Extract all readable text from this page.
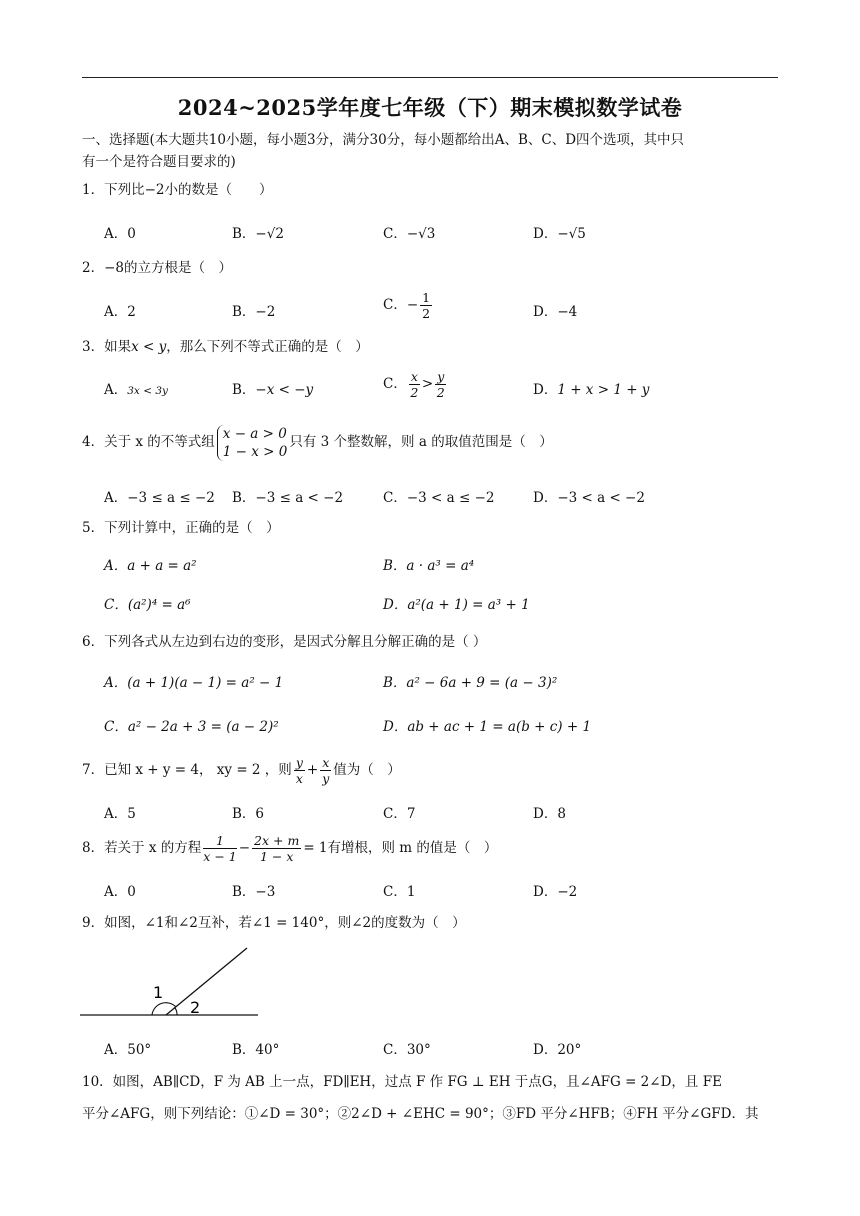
2024~2025学年度七年级（下）期末模拟数学试卷
一、选择题(本大题共10小题，每小题3分，满分30分，每小题都给出A、B、C、D四个选项，其中只
有一个是符合题目要求的)
1．下列比−2小的数是（　　）
A．0	B．−√2	C．−√3	D．−√5
2．−8的立方根是（　）
A．2	B．−2	C．− $\frac{1}{2}$	D．−4
3．如果x < y，那么下列不等式正确的是（　）
A．3x < 3y	B．−x < −y	C． $\frac{x}{2} > \frac{y}{2}$	D．1 + x > 1 + y
4．关于 x 的不等式组
x − a > 0
1 − x > 0
只有 3 个整数解，则 a 的取值范围是（　）
A．−3 ≤ a ≤ −2 B．−3 ≤ a < −2	C．−3 < a ≤ −2	D．−3 < a < −2
5．下列计算中，正确的是（　）
A．a + a = a²	B．a · a³ = a⁴
C．(a²)⁴ = a⁶	D．a²(a + 1) = a³ + 1
6．下列各式从左边到右边的变形，是因式分解且分解正确的是（ ）
A．(a + 1)(a − 1) = a² − 1	B．a² − 6a + 9 = (a − 3)²
C．a² − 2a + 3 = (a − 2)²	D．ab + ac + 1 = a(b + c) + 1
7．已知 x + y = 4， xy = 2 ，则 $\frac{y}{x} + \frac{x}{y}$ 值为（　）
A．5	B．6	C．7	D．8
8．若关于 x 的方程 $\frac{1}{x - 1} - \frac{2x + m}{1 - x} = 1$有增根，则 m 的值是（　）
A．0	B．−3	C．1	D．−2
9．如图，∠1和∠2互补，若∠1 = 140°，则∠2的度数为（　）
1
2
A．50°	B．40°	C．30°	D．20°
10．如图，AB∥CD，F 为 AB 上一点，FD∥EH，过点 F 作 FG ⊥ EH 于点G，且∠AFG = 2∠D，且 FE
平分∠AFG，则下列结论：①∠D = 30°；②2∠D + ∠EHC = 90°；③FD 平分∠HFB；④FH 平分∠GFD．其
